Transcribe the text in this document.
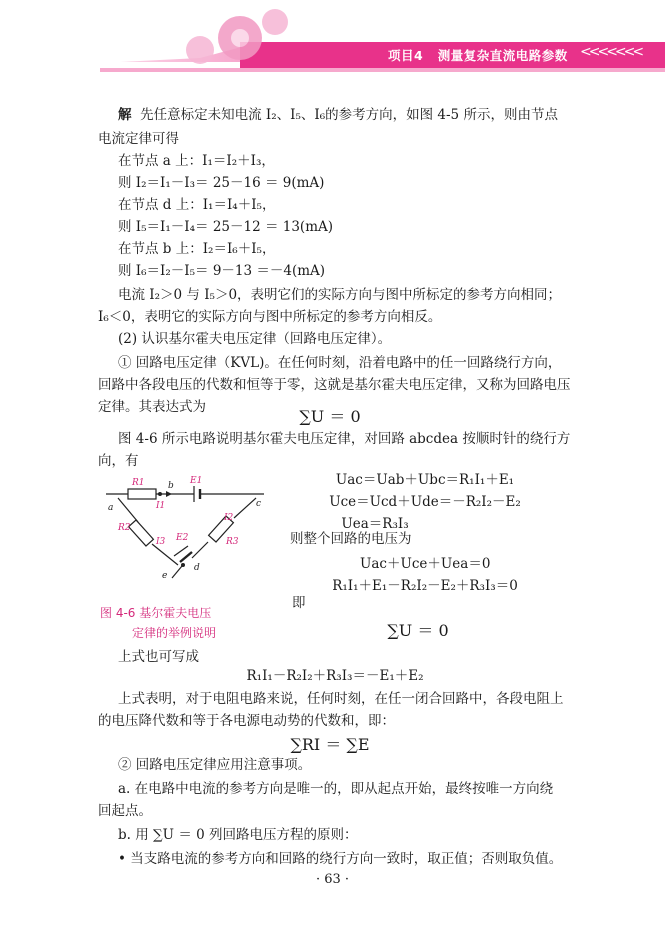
项目4 测量复杂直流电路参数 <<<<<<<
解 先任意标定未知电流 I₂、I₅、I₆的参考方向，如图 4-5 所示，则由节点
电流定律可得
在节点 a 上：I₁＝I₂＋I₃，
则 I₂＝I₁－I₃＝ 25－16 ＝ 9(mA)
在节点 d 上：I₁＝I₄＋I₅，
则 I₅＝I₁－I₄＝ 25－12 ＝ 13(mA)
在节点 b 上：I₂＝I₆＋I₅，
则 I₆＝I₂－I₅＝ 9－13 ＝－4(mA)
电流 I₂＞0 与 I₅＞0，表明它们的实际方向与图中所标定的参考方向相同；
I₆＜0，表明它的实际方向与图中所标定的参考方向相反。
(2) 认识基尔霍夫电压定律（回路电压定律）。
① 回路电压定律（KVL)。在任何时刻，沿着电路中的任一回路绕行方向，
回路中各段电压的代数和恒等于零，这就是基尔霍夫电压定律，又称为回路电压
定律。其表达式为	∑U ＝ 0
图 4-6 所示电路说明基尔霍夫电压定律，对回路 abcdea 按顺时针的绕行方
向，有
Uac＝Uab＋Ubc＝R₁I₁＋E₁
Uce＝Ucd＋Ude＝－R₂I₂－E₂
Uea＝R₃I₃
则整个回路的电压为
Uac＋Uce＋Uea＝0
R₁I₁＋E₁－R₂I₂－E₂＋R₃I₃＝0
即
∑U ＝ 0
R1	E1
b
c
a	I1
R2
I2
R3
I3 E2
d
e
图 4-6 基尔霍夫电压
定律的举例说明
上式也可写成
R₁I₁－R₂I₂＋R₃I₃＝－E₁＋E₂
上式表明，对于电阻电路来说，任何时刻，在任一闭合回路中，各段电阻上
的电压降代数和等于各电源电动势的代数和，即：
∑RI ＝ ∑E
② 回路电压定律应用注意事项。
a. 在电路中电流的参考方向是唯一的，即从起点开始，最终按唯一方向绕
回起点。
b. 用 ∑U ＝ 0 列回路电压方程的原则：
• 当支路电流的参考方向和回路的绕行方向一致时，取正值；否则取负值。
· 63 ·
